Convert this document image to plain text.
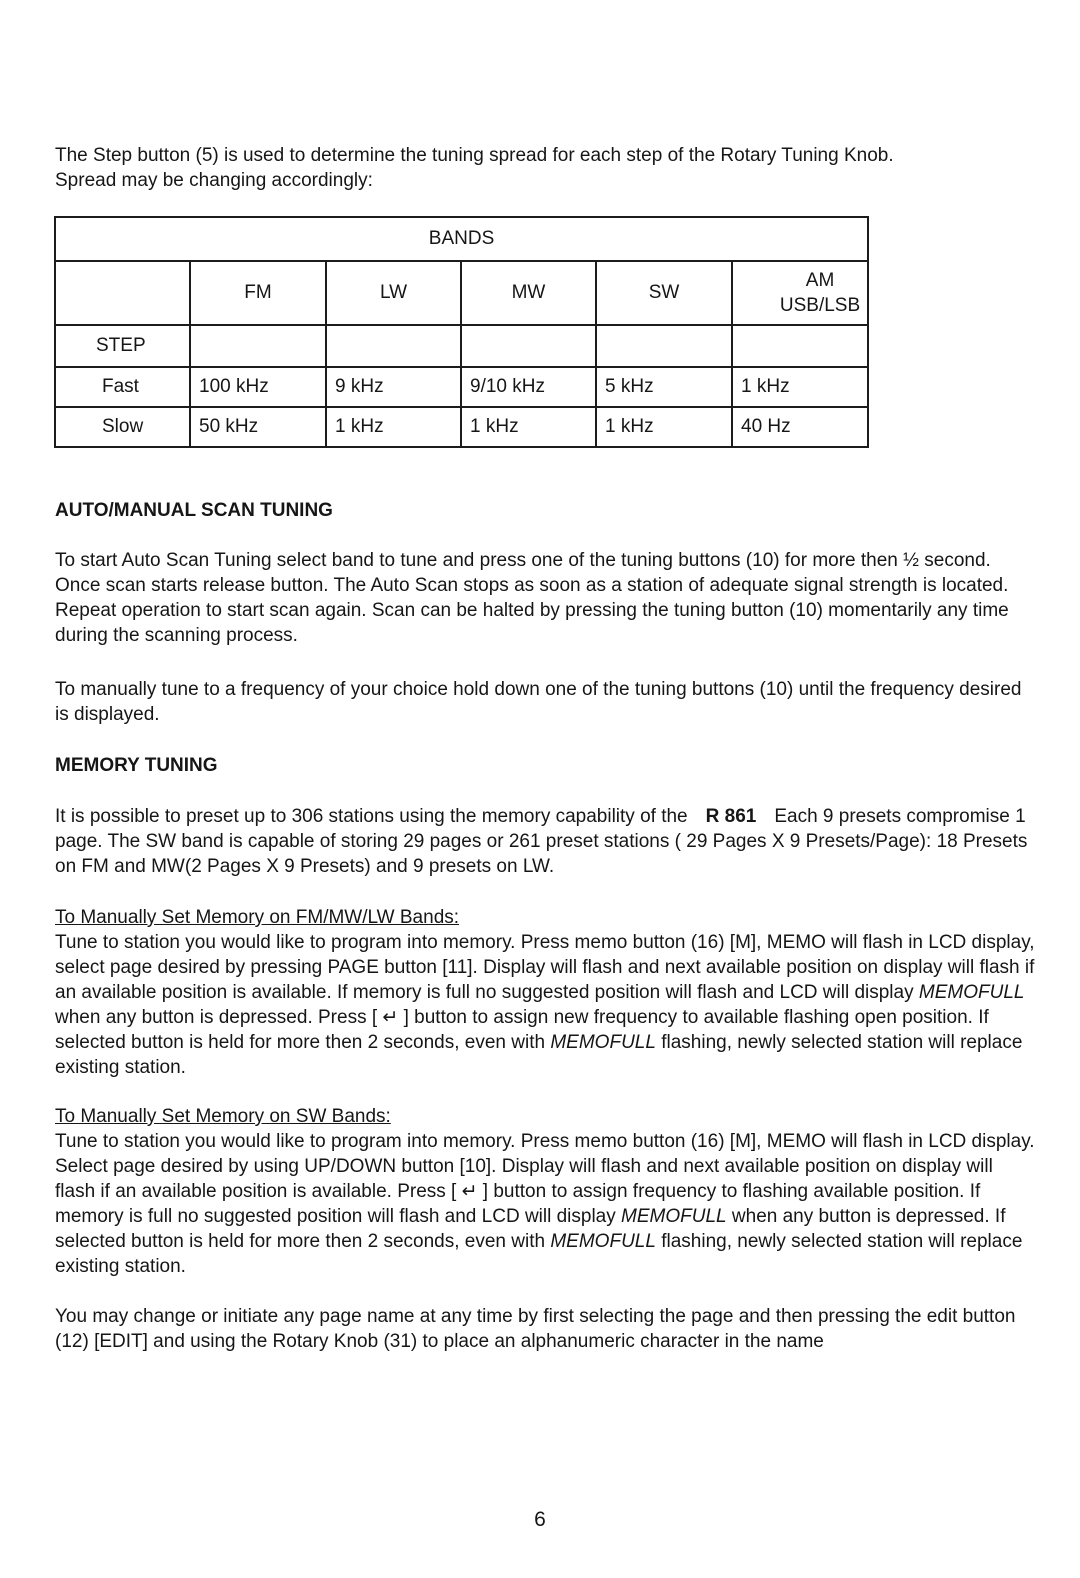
The Step button (5) is used to determine the tuning spread for each step of the Rotary Tuning Knob.
Spread may be changing accordingly:

BANDS					
	FM	LW	MW	SW	AM
USB/LSB
STEP					
Fast	100 kHz	9 kHz	9/10 kHz	5 kHz	1 kHz
Slow	50 kHz	1 kHz	1 kHz	1 kHz	40 Hz
AUTO/MANUAL SCAN TUNING

To start Auto Scan Tuning select band to tune and press one of the tuning buttons (10) for more then ½ second. Once scan starts release button. The Auto Scan stops as soon as a station of adequate signal strength is located. Repeat operation to start scan again. Scan can be halted by pressing the tuning button (10) momentarily any time during the scanning process.

To manually tune to a frequency of your choice hold down one of the tuning buttons (10) until the frequency desired is displayed.

MEMORY TUNING

It is possible to preset up to 306 stations using the memory capability of the R 861 Each 9 presets compromise 1 page. The SW band is capable of storing 29 pages or 261 preset stations ( 29 Pages X 9 Presets/Page): 18 Presets on FM and MW(2 Pages X 9 Presets) and 9 presets on LW.

To Manually Set Memory on FM/MW/LW Bands:
Tune to station you would like to program into memory. Press memo button (16) [M], MEMO will flash in LCD display, select page desired by pressing PAGE button [11]. Display will flash and next available position on display will flash if an available position is available. If memory is full no suggested position will flash and LCD will display MEMOFULL when any button is depressed. Press [ ↵ ] button to assign new frequency to available flashing open position. If selected button is held for more then 2 seconds, even with MEMOFULL flashing, newly selected station will replace existing station.

To Manually Set Memory on SW Bands:
Tune to station you would like to program into memory. Press memo button (16) [M], MEMO will flash in LCD display. Select page desired by using UP/DOWN button [10]. Display will flash and next available position on display will flash if an available position is available. Press [ ↵ ] button to assign frequency to flashing available position. If memory is full no suggested position will flash and LCD will display MEMOFULL when any button is depressed. If selected button is held for more then 2 seconds, even with MEMOFULL flashing, newly selected station will replace existing station.

You may change or initiate any page name at any time by first selecting the page and then pressing the edit button (12) [EDIT] and using the Rotary Knob (31) to place an alphanumeric character in the name

6
